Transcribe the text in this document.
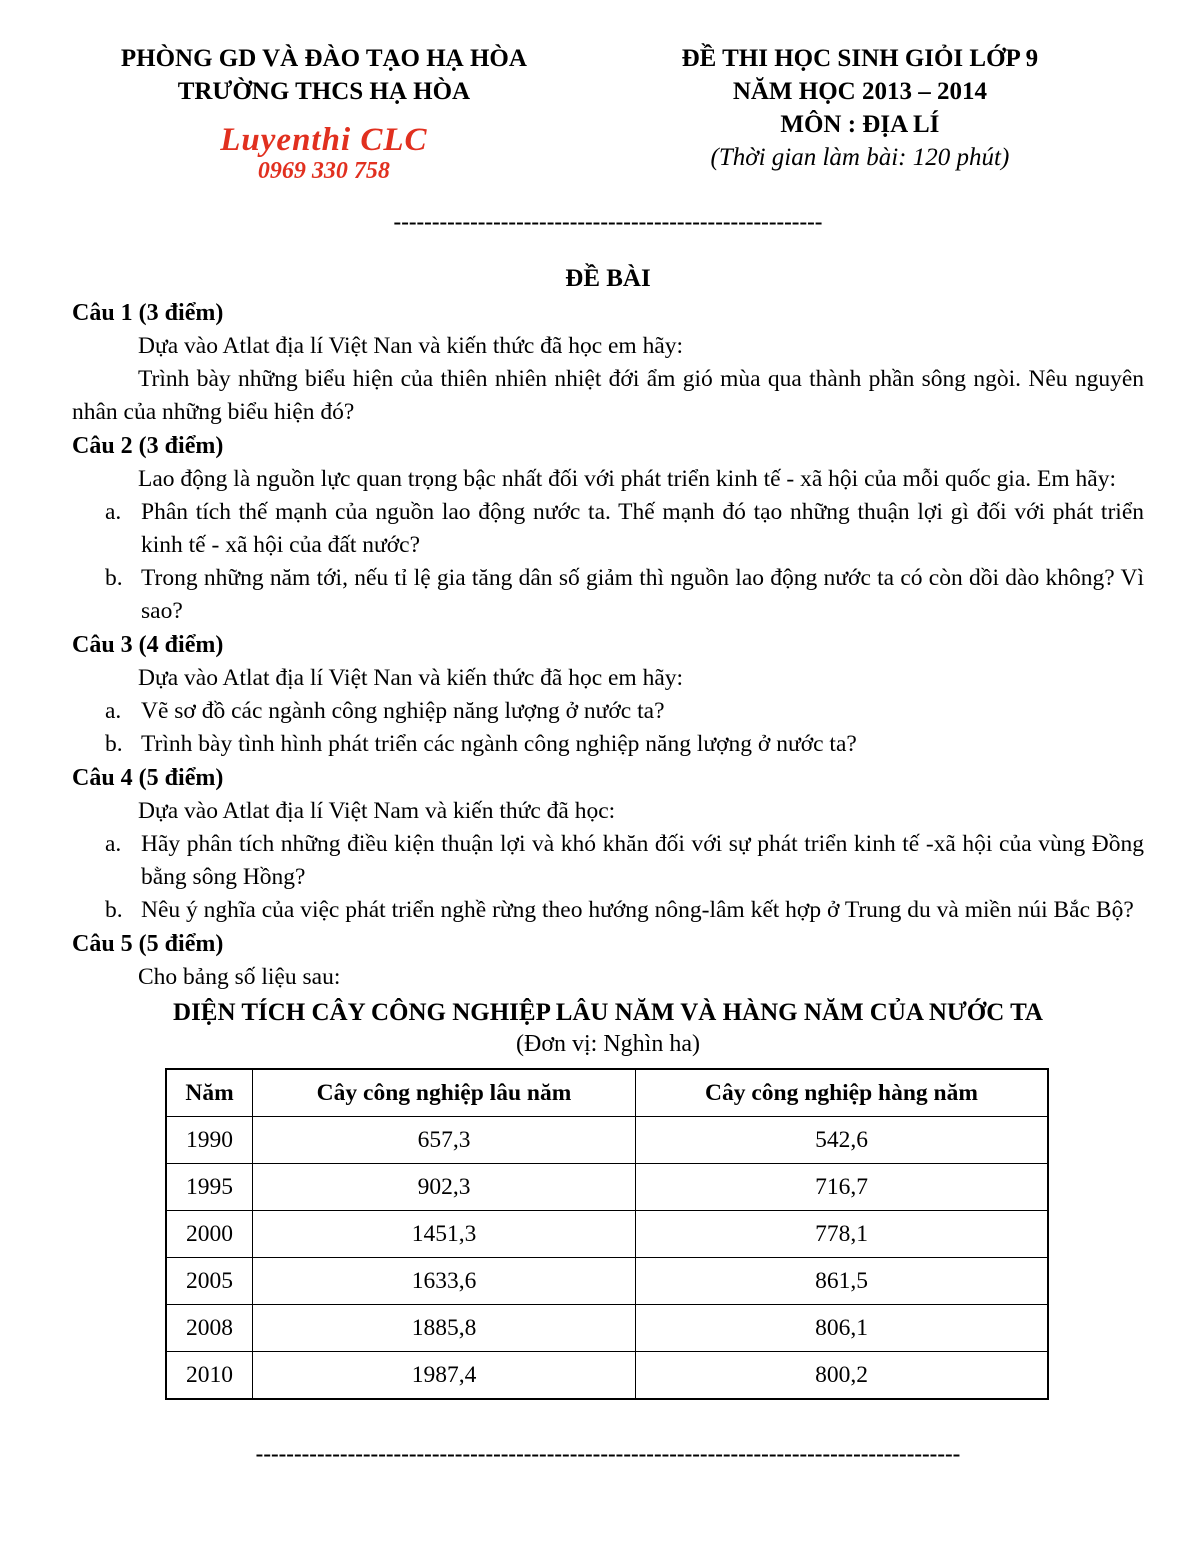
PHÒNG GD VÀ ĐÀO TẠO HẠ HÒA
TRƯỜNG THCS HẠ HÒA
Luyenthi CLC
0969 330 758
ĐỀ THI HỌC SINH GIỎI LỚP 9
NĂM HỌC 2013 – 2014
MÔN : ĐỊA LÍ
(Thời gian làm bài: 120 phút)
--------------------------------------------------------
ĐỀ BÀI
Câu 1 (3 điểm)

Dựa vào Atlat địa lí Việt Nan và kiến thức đã học em hãy:

Trình bày những biểu hiện của thiên nhiên nhiệt đới ẩm gió mùa qua thành phần sông ngòi. Nêu nguyên nhân của những biểu hiện đó?

Câu 2 (3 điểm)

Lao động là nguồn lực quan trọng bậc nhất đối với phát triển kinh tế - xã hội của mỗi quốc gia. Em hãy:

a. Phân tích thế mạnh của nguồn lao động nước ta. Thế mạnh đó tạo những thuận lợi gì đối với phát triển kinh tế - xã hội của đất nước?
b. Trong những năm tới, nếu tỉ lệ gia tăng dân số giảm thì nguồn lao động nước ta có còn dồi dào không? Vì sao?
Câu 3 (4 điểm)

Dựa vào Atlat địa lí Việt Nan và kiến thức đã học em hãy:

a. Vẽ sơ đồ các ngành công nghiệp năng lượng ở nước ta?
b. Trình bày tình hình phát triển các ngành công nghiệp năng lượng ở nước ta?
Câu 4 (5 điểm)

Dựa vào Atlat địa lí Việt Nam và kiến thức đã học:

a. Hãy phân tích những điều kiện thuận lợi và khó khăn đối với sự phát triển kinh tế -xã hội của vùng Đồng bằng sông Hồng?
b. Nêu ý nghĩa của việc phát triển nghề rừng theo hướng nông-lâm kết hợp ở Trung du và miền núi Bắc Bộ?
Câu 5 (5 điểm)

Cho bảng số liệu sau:

DIỆN TÍCH CÂY CÔNG NGHIỆP LÂU NĂM VÀ HÀNG NĂM CỦA NƯỚC TA
(Đơn vị: Nghìn ha)
Năm	Cây công nghiệp lâu năm	Cây công nghiệp hàng năm
1990	657,3	542,6
1995	902,3	716,7
2000	1451,3	778,1
2005	1633,6	861,5
2008	1885,8	806,1
2010	1987,4	800,2
--------------------------------------------------------------------------------------------
